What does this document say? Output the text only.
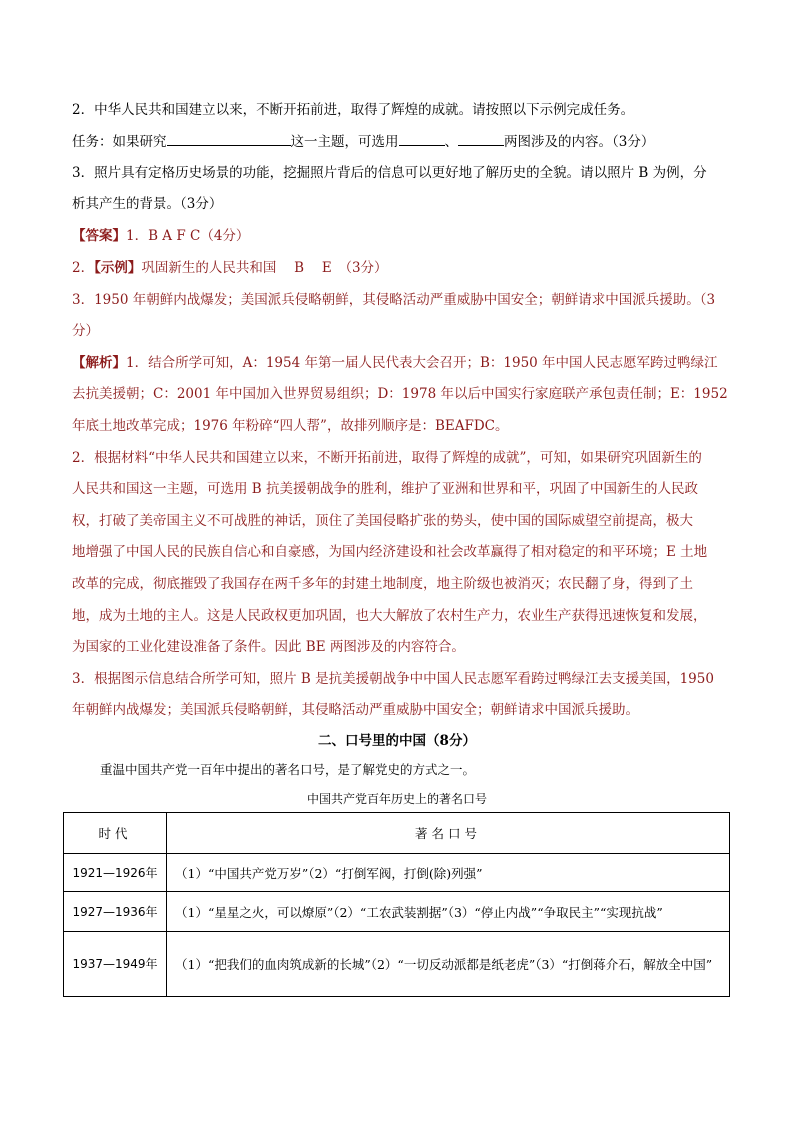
2．中华人民共和国建立以来，不断开拓前进，取得了辉煌的成就。请按照以下示例完成任务。
任务：如果研究	这一主题，可选用	、	两图涉及的内容。（3分）
3．照片具有定格历史场景的功能，挖掘照片背后的信息可以更好地了解历史的全貌。请以照片 B 为例，分
析其产生的背景。（3分）
【答案】1．B A F C（4分）
2．【示例】巩固新生的人民共和国　 B　 E　（3分）
3．1950 年朝鲜内战爆发；美国派兵侵略朝鲜，其侵略活动严重威胁中国安全；朝鲜请求中国派兵援助。（3
分）
【解析】1．结合所学可知，A：1954 年第一届人民代表大会召开；B：1950 年中国人民志愿军跨过鸭绿江
去抗美援朝；C：2001 年中国加入世界贸易组织；D：1978 年以后中国实行家庭联产承包责任制；E：1952
年底土地改革完成；1976 年粉碎“四人帮”，故排列顺序是：BEAFDC。
2．根据材料“中华人民共和国建立以来，不断开拓前进，取得了辉煌的成就”，可知，如果研究巩固新生的
人民共和国这一主题，可选用 B 抗美援朝战争的胜利，维护了亚洲和世界和平，巩固了中国新生的人民政
权，打破了美帝国主义不可战胜的神话，顶住了美国侵略扩张的势头，使中国的国际威望空前提高，极大
地增强了中国人民的民族自信心和自豪感，为国内经济建设和社会改革赢得了相对稳定的和平环境；E 土地
改革的完成，彻底摧毁了我国存在两千多年的封建土地制度，地主阶级也被消灭；农民翻了身，得到了土
地，成为土地的主人。这是人民政权更加巩固，也大大解放了农村生产力，农业生产获得迅速恢复和发展，
为国家的工业化建设准备了条件。因此 BE 两图涉及的内容符合。
3．根据图示信息结合所学可知，照片 B 是抗美援朝战争中中国人民志愿军看跨过鸭绿江去支援美国，1950
年朝鲜内战爆发；美国派兵侵略朝鲜，其侵略活动严重威胁中国安全；朝鲜请求中国派兵援助。
二、口号里的中国（8分）
重温中国共产党一百年中提出的著名口号，是了解党史的方式之一。
中国共产党百年历史上的著名口号
时代	著名口号
1921—1926年	（1）“中国共产党万岁”（2）“打倒军阀，打倒(除)列强”
1927—1936年	（1）“星星之火，可以燎原”（2）“工农武装割据”（3）“停止内战”“争取民主”“实现抗战”
1937—1949年	（1）“把我们的血肉筑成新的长城”（2）“一切反动派都是纸老虎”（3）“打倒蒋介石，解放全中国”
